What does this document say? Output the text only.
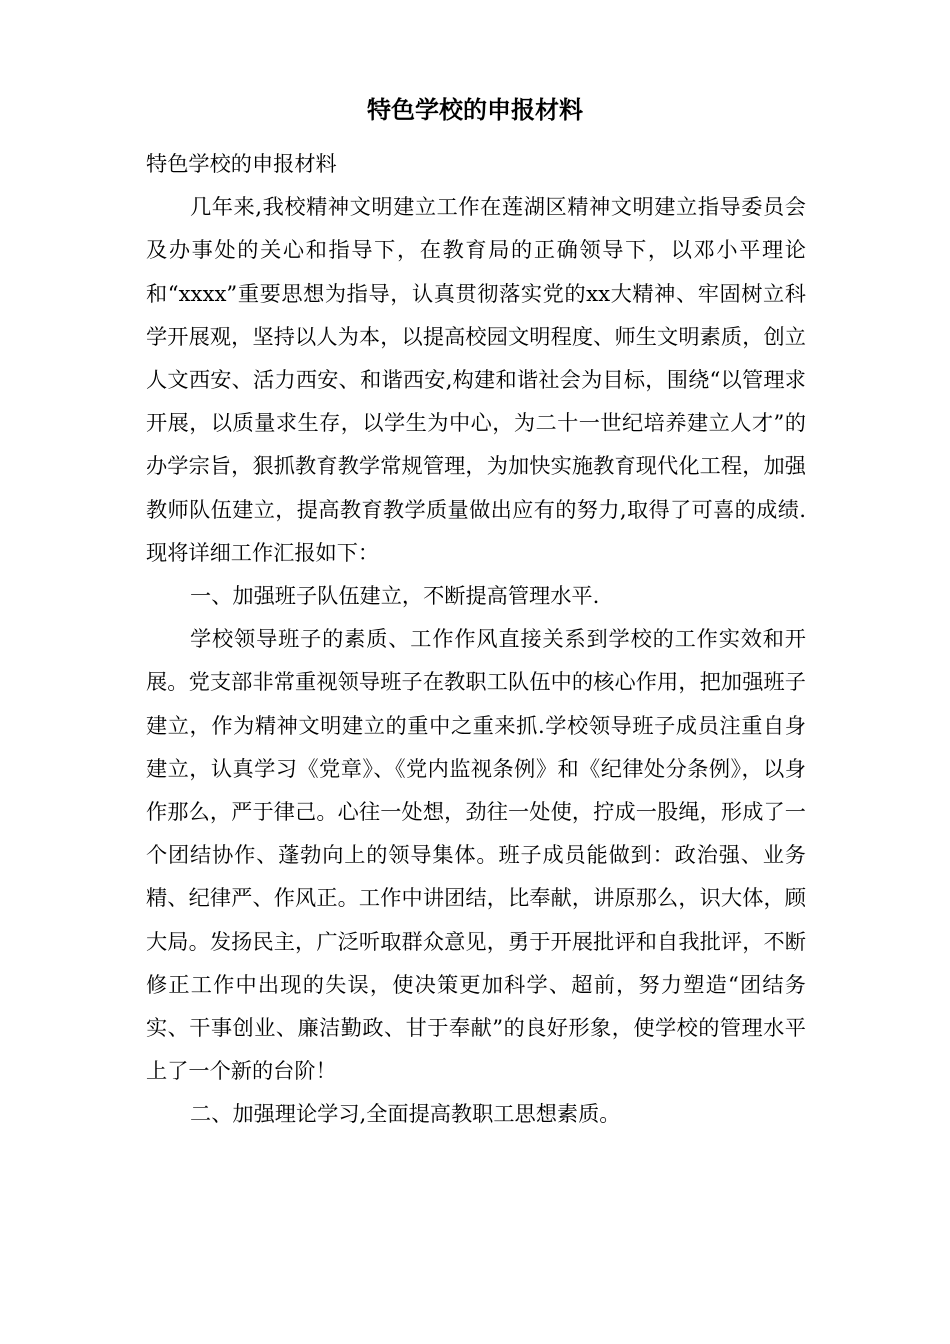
特色学校的申报材料

特色学校的申报材料

几年来,我校精神文明建立工作在莲湖区精神文明建立指导委员会及办事处的关心和指导下，在教育局的正确领导下，以邓小平理论和“xxxx”重要思想为指导，认真贯彻落实党的xx大精神、牢固树立科学开展观，坚持以人为本，以提高校园文明程度、师生文明素质，创立人文西安、活力西安、和谐西安,构建和谐社会为目标，围绕“以管理求开展，以质量求生存，以学生为中心，为二十一世纪培养建立人才”的办学宗旨，狠抓教育教学常规管理，为加快实施教育现代化工程，加强教师队伍建立，提高教育教学质量做出应有的努力,取得了可喜的成绩.现将详细工作汇报如下：

一、加强班子队伍建立，不断提高管理水平.

学校领导班子的素质、工作作风直接关系到学校的工作实效和开展。党支部非常重视领导班子在教职工队伍中的核心作用，把加强班子建立，作为精神文明建立的重中之重来抓.学校领导班子成员注重自身建立，认真学习《党章》、《党内监视条例》和《纪律处分条例》，以身作那么，严于律己。心往一处想，劲往一处使，拧成一股绳，形成了一个团结协作、蓬勃向上的领导集体。班子成员能做到：政治强、业务精、纪律严、作风正。工作中讲团结，比奉献，讲原那么，识大体，顾大局。发扬民主，广泛听取群众意见，勇于开展批评和自我批评，不断修正工作中出现的失误，使决策更加科学、超前，努力塑造“团结务实、干事创业、廉洁勤政、甘于奉献”的良好形象，使学校的管理水平上了一个新的台阶！

二、加强理论学习,全面提高教职工思想素质。
